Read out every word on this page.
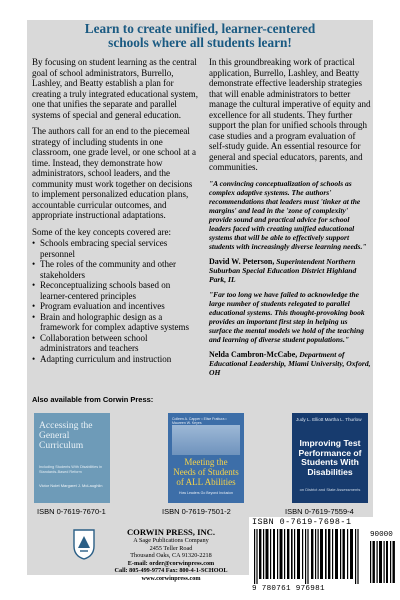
Learn to create unified, learner-centered
schools where all students learn!

By focusing on student learning as the central goal of school administrators, Burrello, Lashley, and Beatty establish a plan for creating a truly integrated educational system, one that unifies the separate and parallel systems of special and general education.

The authors call for an end to the piecemeal strategy of including students in one classroom, one grade level, or one school at a time. Instead, they demonstrate how administrators, school leaders, and the community must work together on decisions to implement personalized education plans, accountable curricular outcomes, and appropriate instructional adaptations.

Some of the key concepts covered are:

• Schools embracing special services personnel
• The roles of the community and other stakeholders
• Reconceptualizing schools based on learner-centered principles
• Program evaluation and incentives
• Brain and holographic design as a framework for complex adaptive systems
• Collaboration between school administrators and teachers
• Adapting curriculum and instruction

In this groundbreaking work of practical application, Burrello, Lashley, and Beatty demonstrate effective leadership strategies that will enable administrators to better manage the cultural imperative of equity and excellence for all students. They further support the plan for unified schools through case studies and a program evaluation of self-study guide. An essential resource for general and special educators, parents, and communities.

"A convincing conceptualization of schools as complex adaptive systems. The authors' recommendations that leaders must 'tinker at the margins' and lead in the 'zone of complexity' provide sound and practical advice for school leaders faced with creating unified educational systems that will be able to effectively support students with increasingly diverse learning needs."

David W. Peterson, Superintendent Northern Suburban Special Education District Highland Park, IL

"Far too long we have failed to acknowledge the large number of students relegated to parallel educational systems. This thought-provoking book provides an important first step in helping us surface the mental models we hold of the teaching and learning of diverse student populations."

Nelda Cambron-McCabe, Department of Educational Leadership, Miami University, Oxford, OH

Also available from Corwin Press:
Accessing the General Curriculum
Including Students With Disabilities in Standards-Based Reform
Victor Nolet Margaret J. McLaughlin
Colleen A. Capper • Elise Frattura • Maureen W. Keyes
Meeting the Needs of Students of ALL Abilities
How Leaders Go Beyond Inclusion
Judy L. Elliott Martha L. Thurlow
Improving Test Performance of Students With Disabilities
on District and State Assessments
ISBN 0-7619-7670-1	ISBN 0-7619-7501-2	ISBN 0-7619-7559-4
CORWIN PRESS, INC.
A Sage Publications Company
2455 Teller Road
Thousand Oaks, CA 91320-2218
E-mail: order@corwinpress.com
Call: 805-499-9774 Fax: 800-4-1-SCHOOL
www.corwinpress.com
ISBN 0-7619-7698-1
90000
9 780761 976981
